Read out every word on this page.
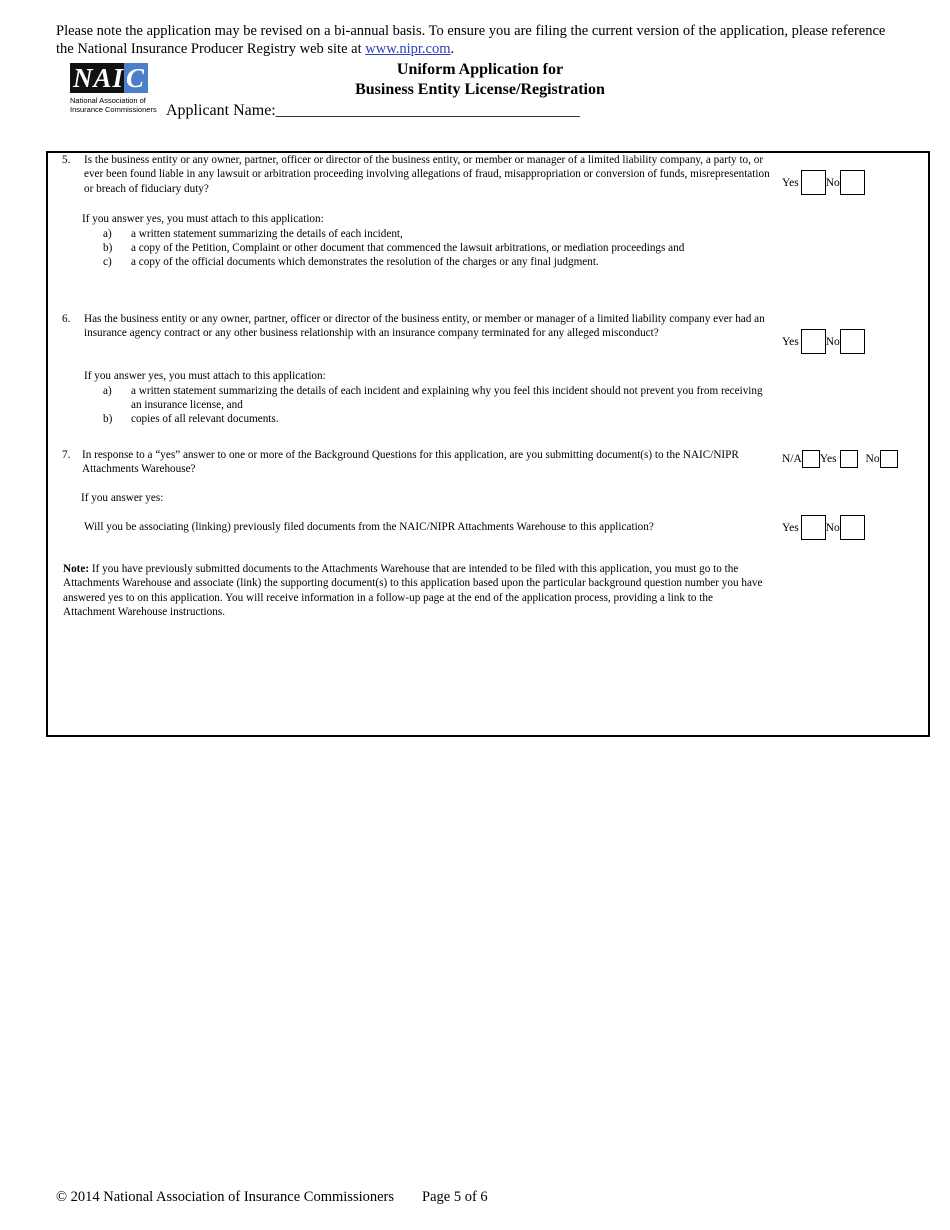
Please note the application may be revised on a bi-annual basis. To ensure you are filing the current version of the application, please reference the National Insurance Producer Registry web site at www.nipr.com.
NAI C
National Association of
Insurance Commissioners
Uniform Application for
Business Entity License/Registration
Applicant Name:______________________________________
5. Is the business entity or any owner, partner, officer or director of the business entity, or member or manager of a limited liability company, a party to, or ever been found liable in any lawsuit or arbitration proceeding involving allegations of fraud, misappropriation or conversion of funds, misrepresentation or breach of fiduciary duty?
Yes No
If you answer yes, you must attach to this application:
a) a written statement summarizing the details of each incident,
b) a copy of the Petition, Complaint or other document that commenced the lawsuit arbitrations, or mediation proceedings and
c) a copy of the official documents which demonstrates the resolution of the charges or any final judgment.
6. Has the business entity or any owner, partner, officer or director of the business entity, or member or manager of a limited liability company ever had an insurance agency contract or any other business relationship with an insurance company terminated for any alleged misconduct?
Yes No
If you answer yes, you must attach to this application:
a) a written statement summarizing the details of each incident and explaining why you feel this incident should not prevent you from receiving an insurance license, and
b) copies of all relevant documents.
7. In response to a “yes” answer to one or more of the Background Questions for this application, are you submitting document(s) to the NAIC/NIPR Attachments Warehouse?
N/A Yes	No
If you answer yes:
Will you be associating (linking) previously filed documents from the NAIC/NIPR Attachments Warehouse to this application?	Yes No
Note: If you have previously submitted documents to the Attachments Warehouse that are intended to be filed with this application, you must go to the Attachments Warehouse and associate (link) the supporting document(s) to this application based upon the particular background question number you have answered yes to on this application. You will receive information in a follow-up page at the end of the application process, providing a link to the Attachment Warehouse instructions.
© 2014 National Association of Insurance Commissioners Page 5 of 6
